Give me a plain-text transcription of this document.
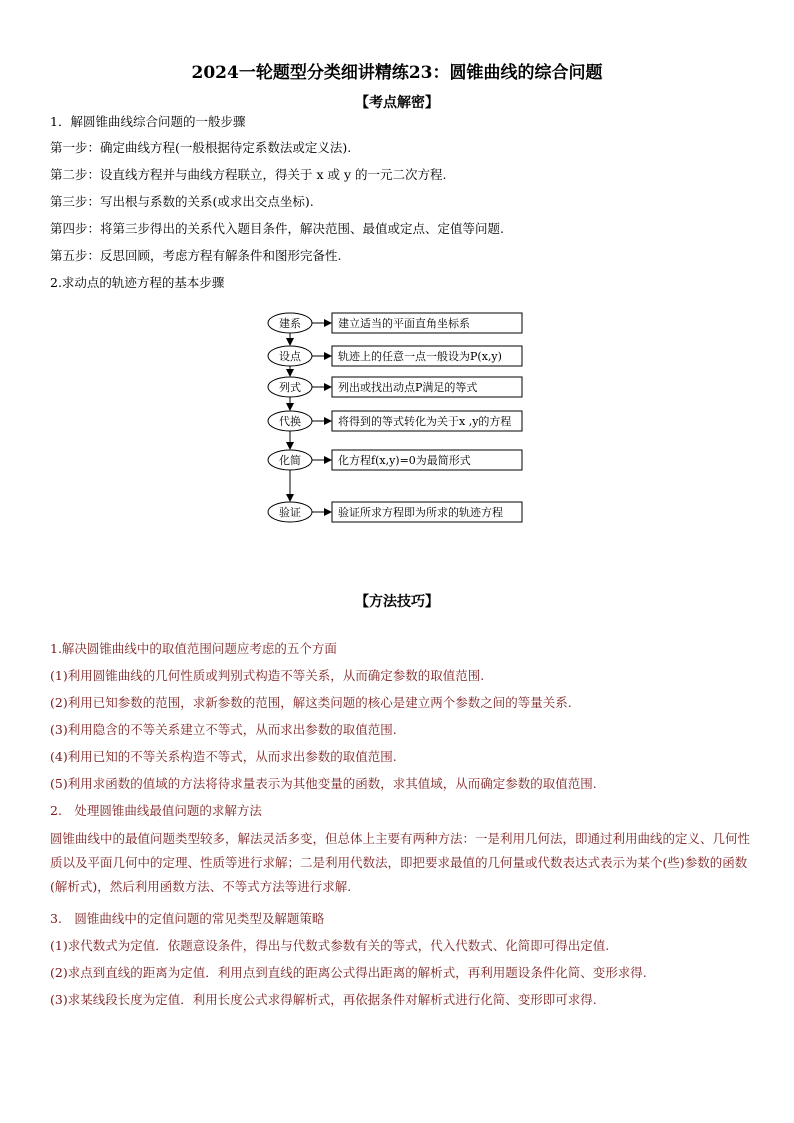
2024一轮题型分类细讲精练23：圆锥曲线的综合问题
【考点解密】
1．解圆锥曲线综合问题的一般步骤
第一步：确定曲线方程(一般根据待定系数法或定义法).
第二步：设直线方程并与曲线方程联立，得关于 x 或 y 的一元二次方程.
第三步：写出根与系数的关系(或求出交点坐标).
第四步：将第三步得出的关系代入题目条件，解决范围、最值或定点、定值等问题.
第五步：反思回顾，考虑方程有解条件和图形完备性.
2.求动点的轨迹方程的基本步骤
建系	建立适当的平面直角坐标系
设点	轨迹上的任意一点一般设为P(x,y)
列式	列出或找出动点P满足的等式
代换	将得到的等式转化为关于x ,y的方程
化简	化方程f(x,y)=0为最简形式
验证	验证所求方程即为所求的轨迹方程
【方法技巧】
1.解决圆锥曲线中的取值范围问题应考虑的五个方面
(1)利用圆锥曲线的几何性质或判别式构造不等关系，从而确定参数的取值范围.
(2)利用已知参数的范围，求新参数的范围，解这类问题的核心是建立两个参数之间的等量关系.
(3)利用隐含的不等关系建立不等式，从而求出参数的取值范围.
(4)利用已知的不等关系构造不等式，从而求出参数的取值范围.
(5)利用求函数的值域的方法将待求量表示为其他变量的函数，求其值域，从而确定参数的取值范围.
2.　处理圆锥曲线最值问题的求解方法
圆锥曲线中的最值问题类型较多，解法灵活多变，但总体上主要有两种方法：一是利用几何法，即通过利用曲线的定义、几何性质以及平面几何中的定理、性质等进行求解；二是利用代数法，即把要求最值的几何量或代数表达式表示为某个(些)参数的函数(解析式)，然后利用函数方法、不等式方法等进行求解.
3.　圆锥曲线中的定值问题的常见类型及解题策略
(1)求代数式为定值．依题意设条件，得出与代数式参数有关的等式，代入代数式、化简即可得出定值.
(2)求点到直线的距离为定值．利用点到直线的距离公式得出距离的解析式，再利用题设条件化简、变形求得.
(3)求某线段长度为定值．利用长度公式求得解析式，再依据条件对解析式进行化简、变形即可求得.
